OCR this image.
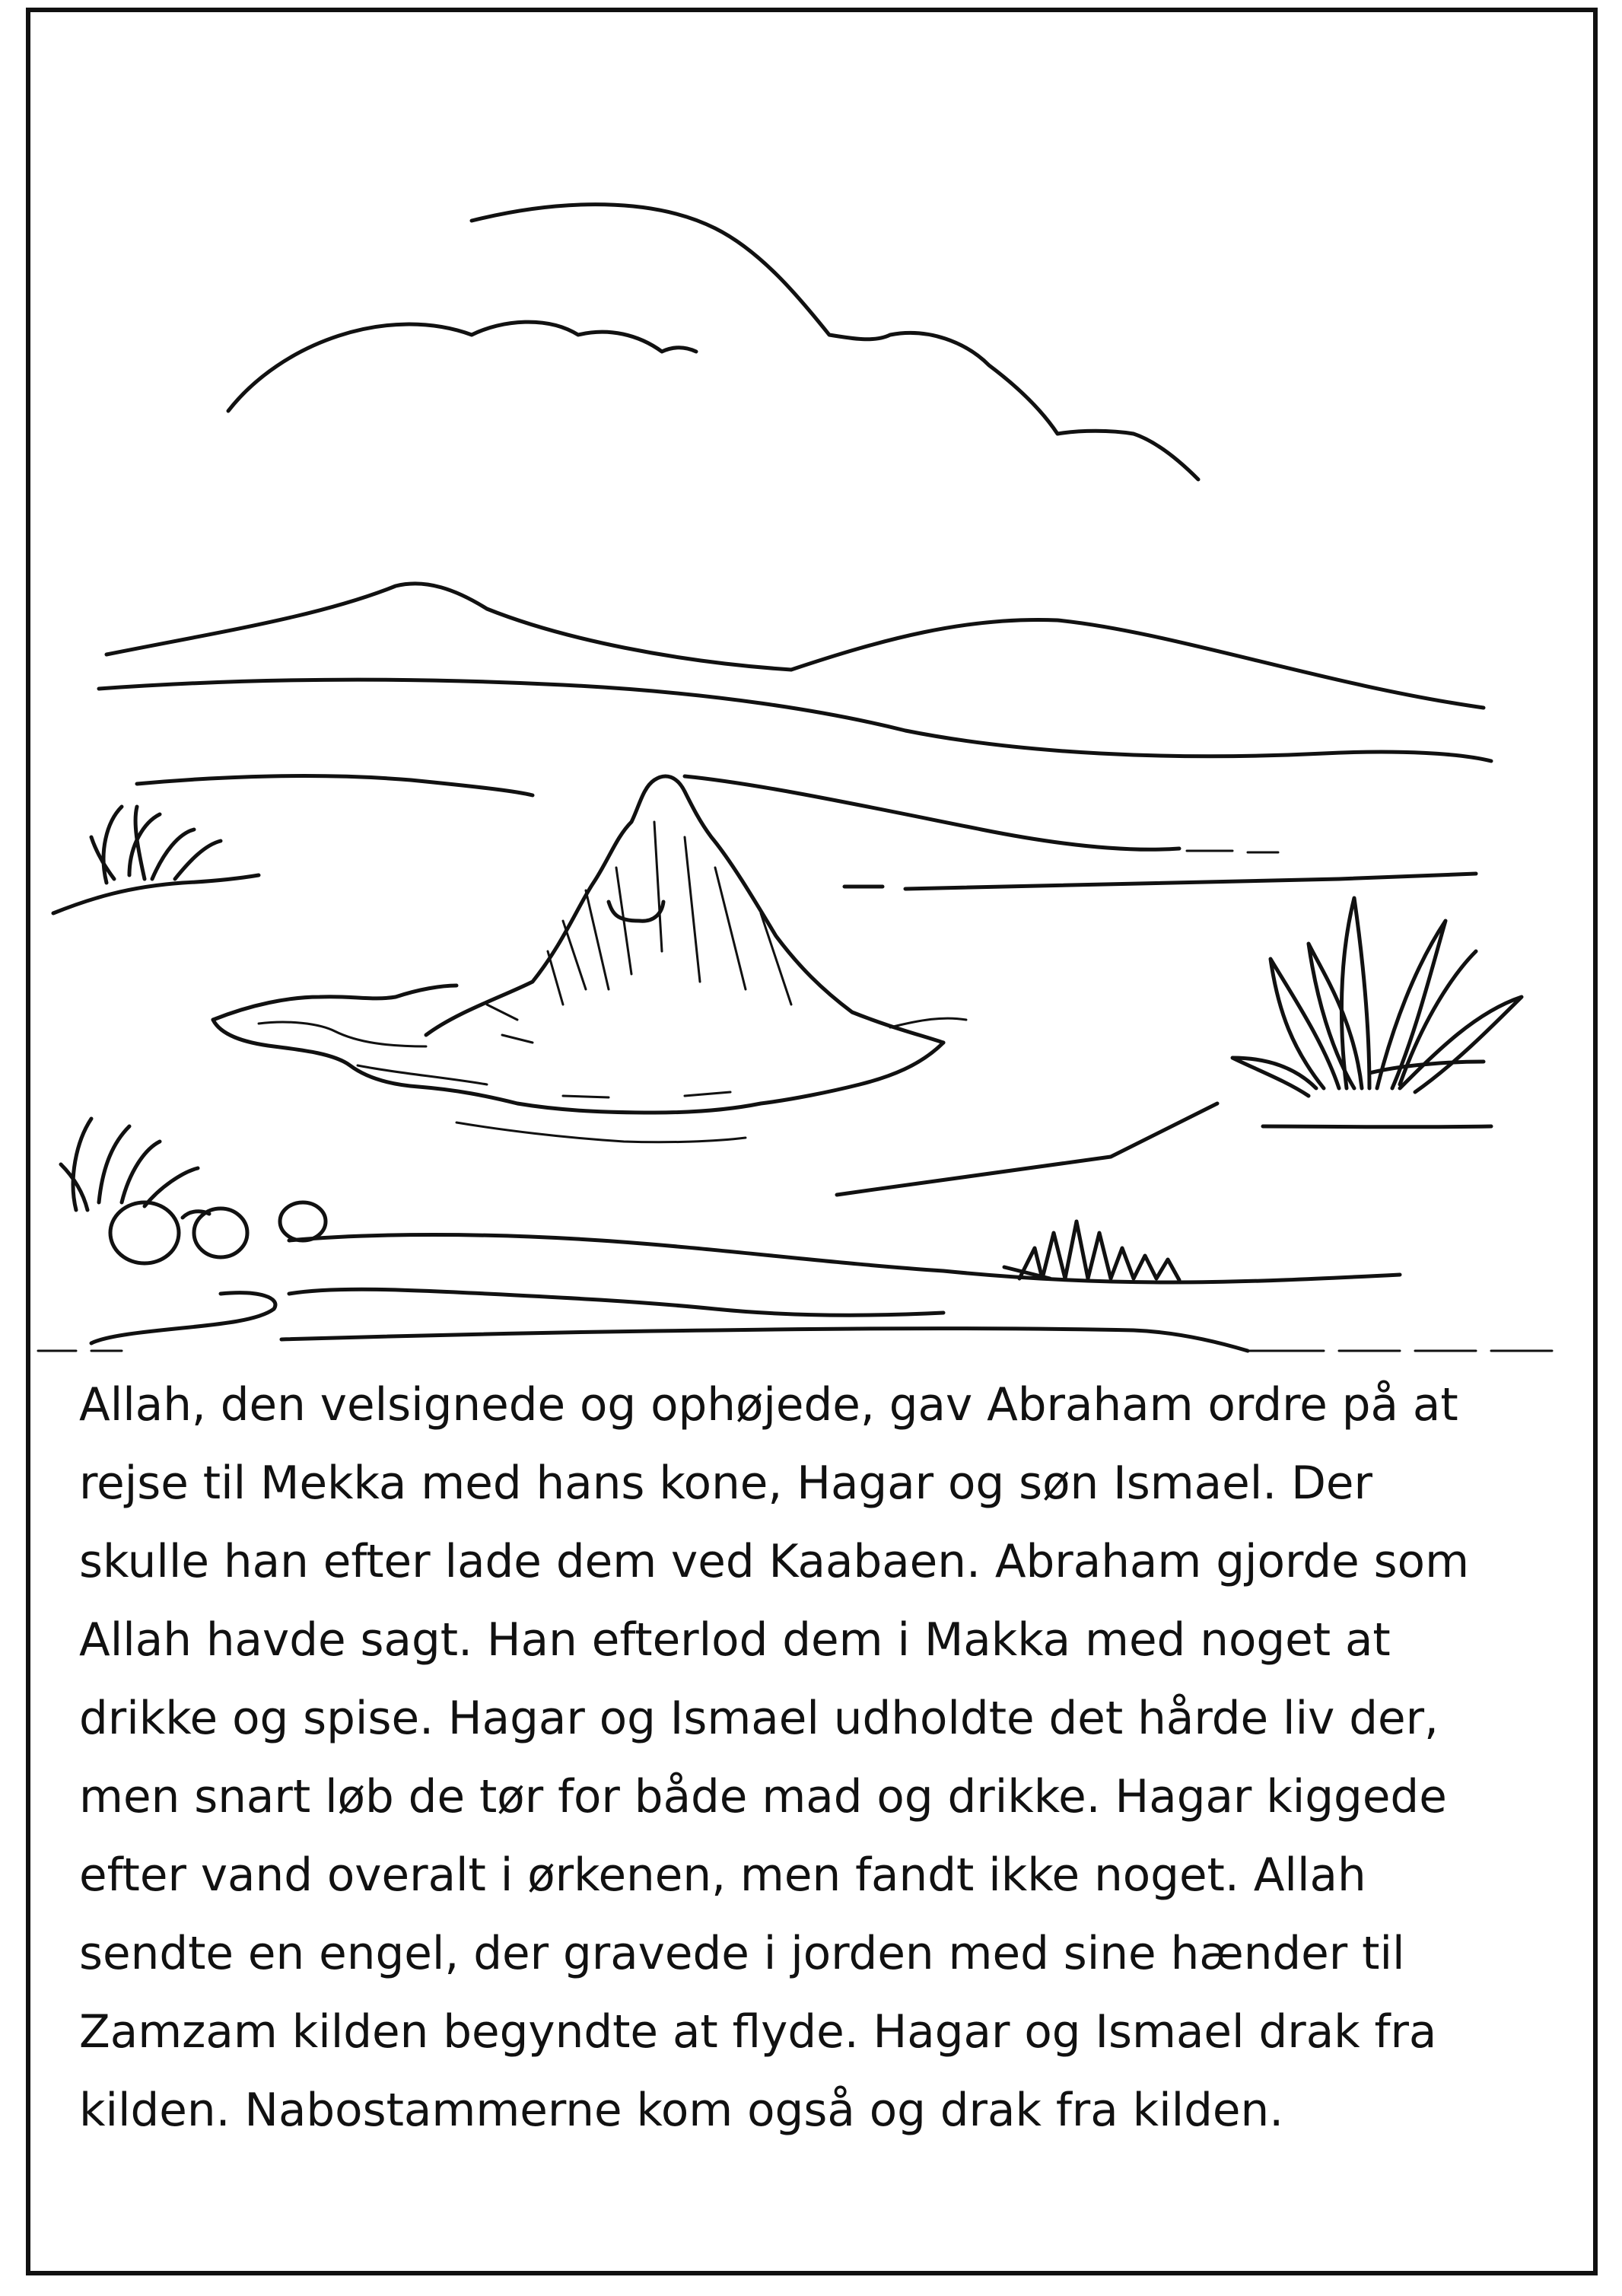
Allah, den velsignede og ophøjede, gav Abraham ordre på at
rejse til Mekka med hans kone, Hagar og søn Ismael. Der
skulle han efter lade dem ved Kaabaen. Abraham gjorde som
Allah havde sagt. Han efterlod dem i Makka med noget at
drikke og spise. Hagar og Ismael udholdte det hårde liv der,
men snart løb de tør for både mad og drikke. Hagar kiggede
efter vand overalt i ørkenen, men fandt ikke noget. Allah
sendte en engel, der gravede i jorden med sine hænder til
Zamzam kilden begyndte at flyde. Hagar og Ismael drak fra
kilden. Nabostammerne kom også og drak fra kilden.
